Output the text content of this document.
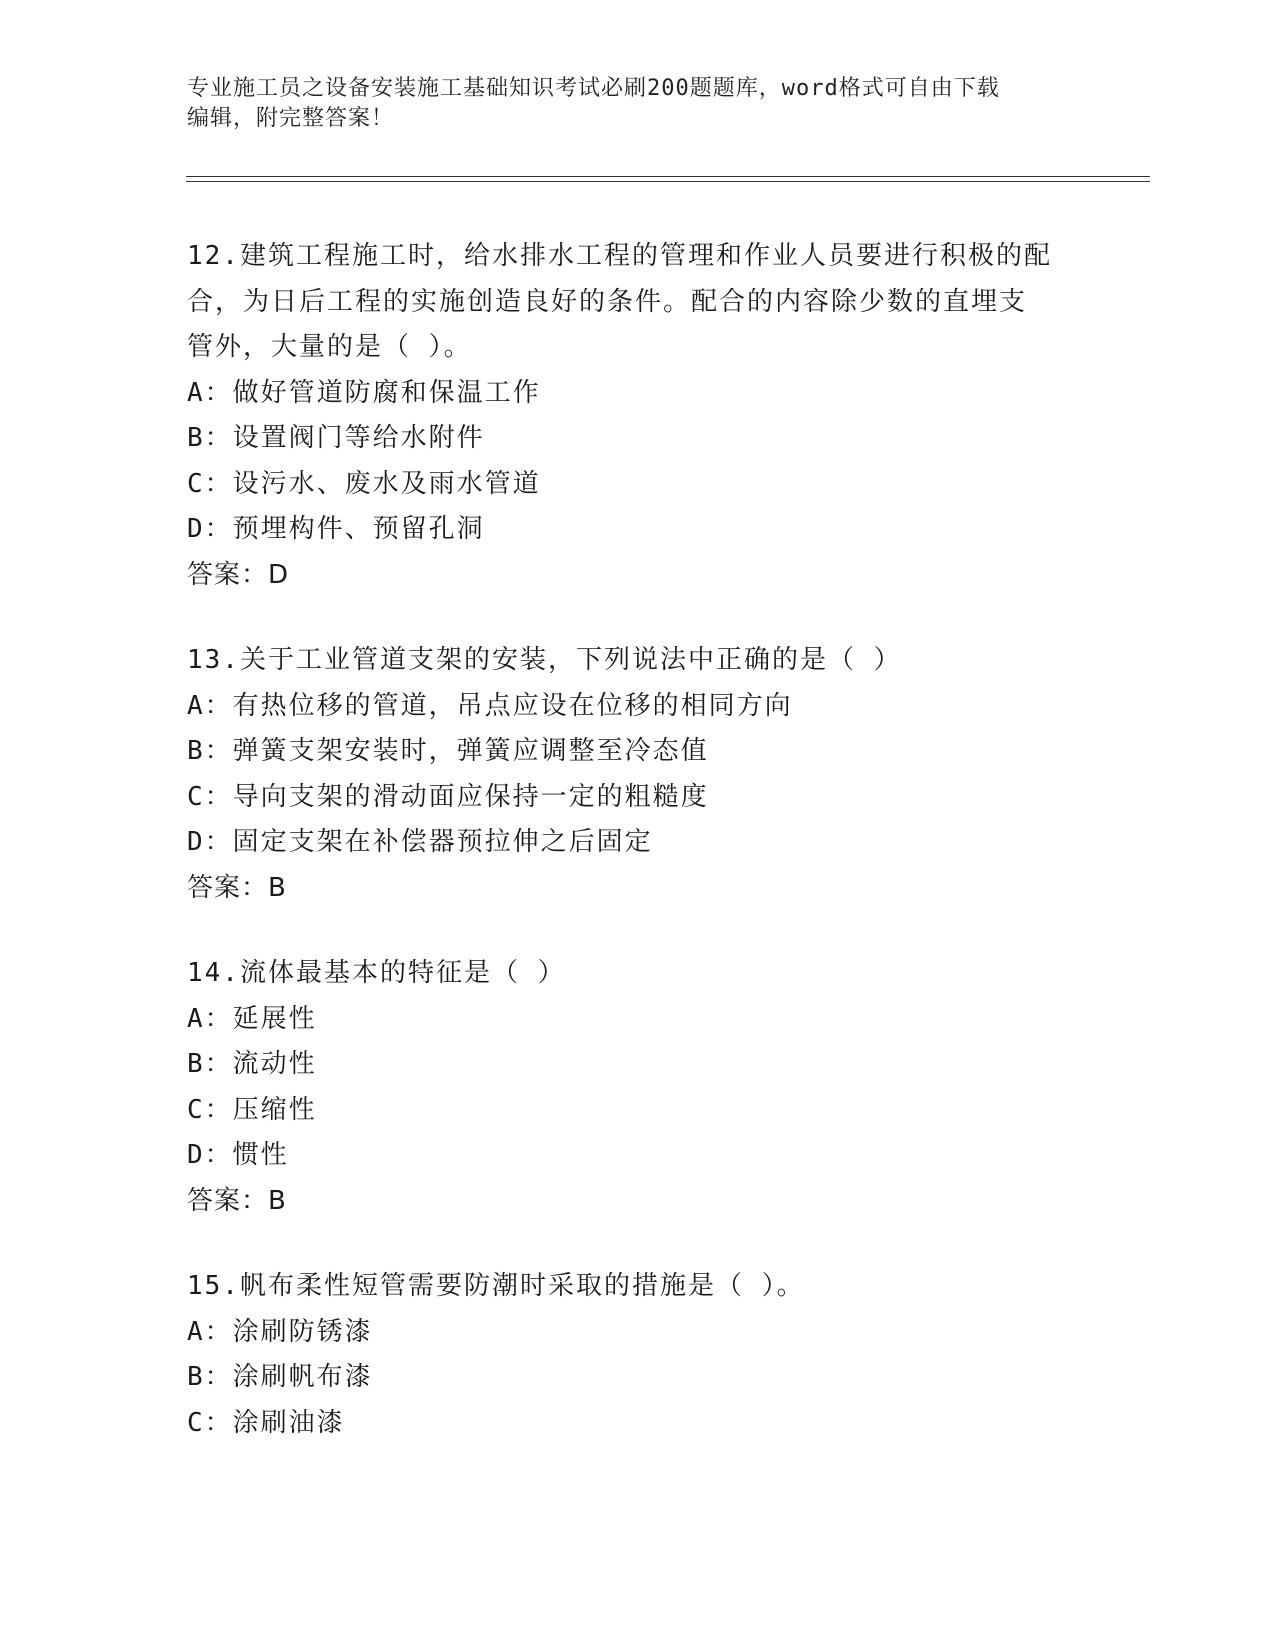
专业施工员之设备安装施工基础知识考试必刷200题题库，word格式可自由下载
编辑，附完整答案！

12.建筑工程施工时，给水排水工程的管理和作业人员要进行积极的配

合，为日后工程的实施创造良好的条件。配合的内容除少数的直埋支

管外，大量的是（ ）。

A：做好管道防腐和保温工作

B：设置阀门等给水附件

C：设污水、废水及雨水管道

D：预埋构件、预留孔洞

答案：D

13.关于工业管道支架的安装，下列说法中正确的是（ ）

A：有热位移的管道，吊点应设在位移的相同方向

B：弹簧支架安装时，弹簧应调整至冷态值

C：导向支架的滑动面应保持一定的粗糙度

D：固定支架在补偿器预拉伸之后固定

答案：B

14.流体最基本的特征是（ ）

A：延展性

B：流动性

C：压缩性

D：惯性

答案：B

15.帆布柔性短管需要防潮时采取的措施是（ ）。

A：涂刷防锈漆

B：涂刷帆布漆

C：涂刷油漆
